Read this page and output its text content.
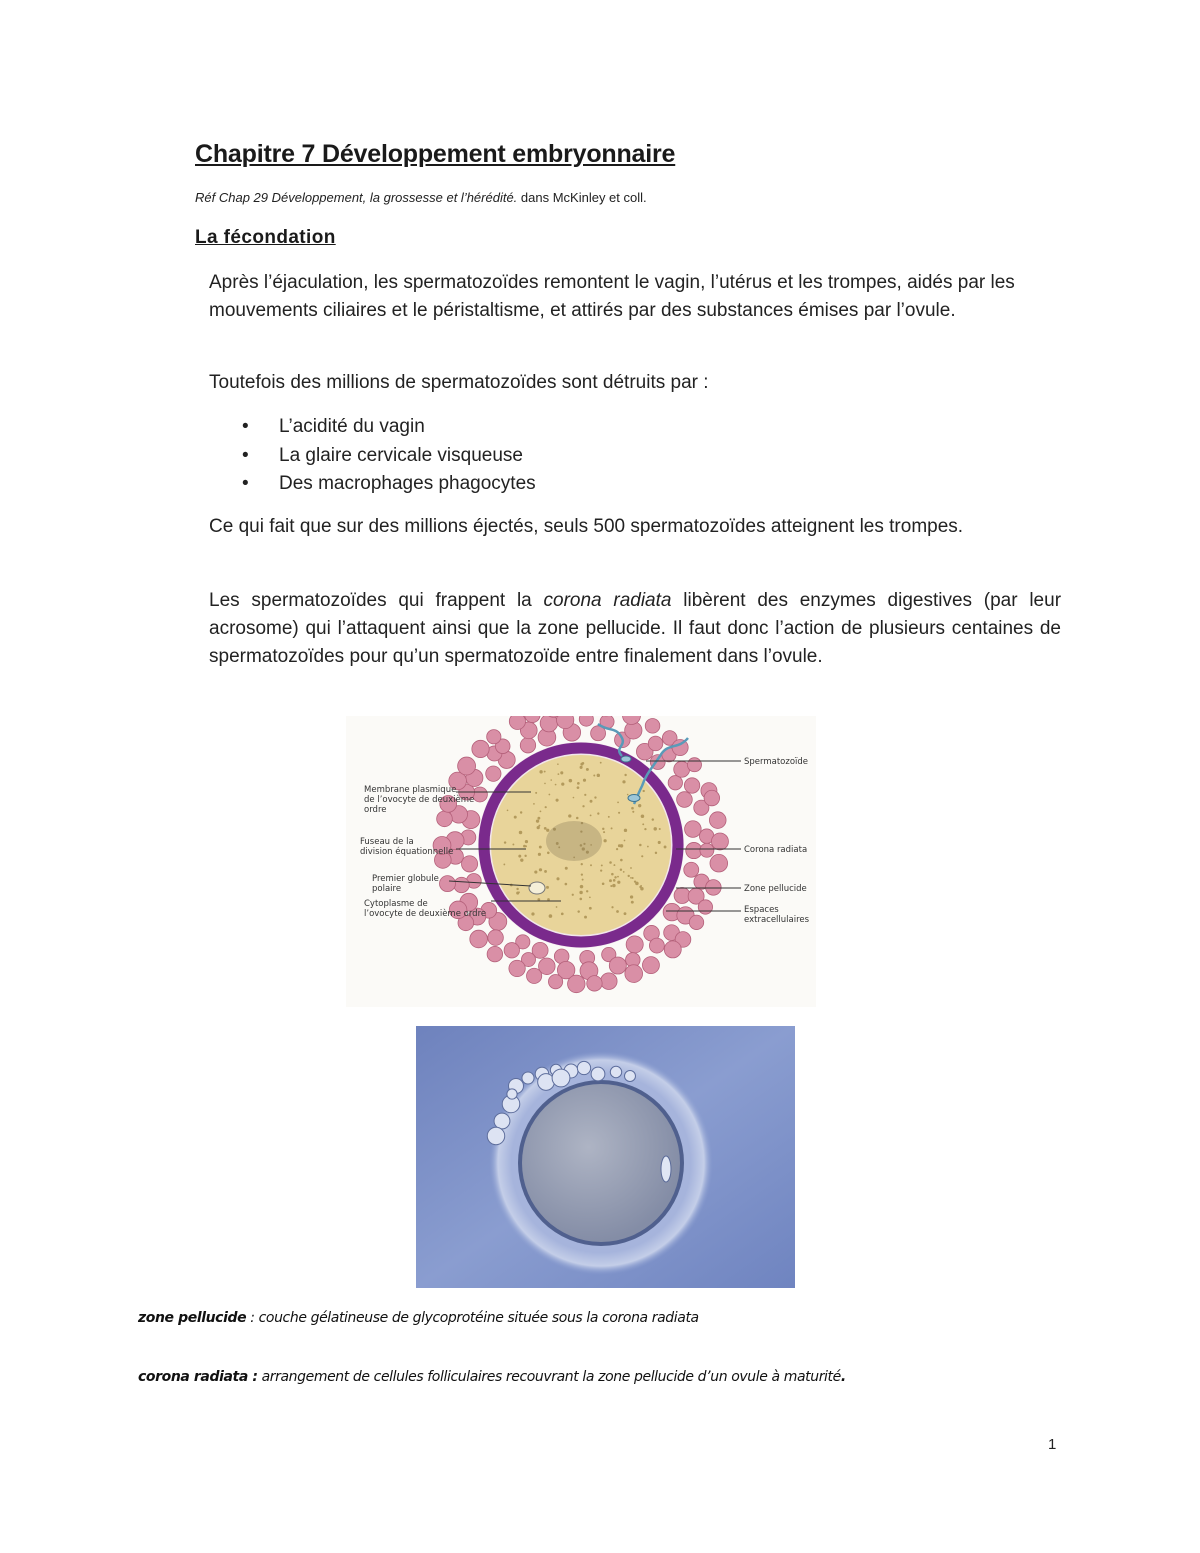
Chapitre 7 Développement embryonnaire
Réf Chap 29 Développement, la grossesse et l’hérédité. dans McKinley et coll.
La fécondation
Après l’éjaculation, les spermatozoïdes remontent le vagin, l’utérus et les trompes, aidés par les mouvements ciliaires et le péristaltisme, et attirés par des substances émises par l’ovule.
Toutefois des millions de spermatozoïdes sont détruits par :
• L’acidité du vagin
• La glaire cervicale visqueuse
• Des macrophages phagocytes
Ce qui fait que sur des millions éjectés, seuls 500 spermatozoïdes atteignent les trompes.
Les spermatozoïdes qui frappent la corona radiata libèrent des enzymes digestives (par leur acrosome) qui l’attaquent ainsi que la zone pellucide. Il faut donc l’action de plusieurs centaines de spermatozoïdes pour qu’un spermatozoïde entre finalement dans l’ovule.
Membrane plasmique
de l’ovocyte de deuxième
ordre
Fuseau de la
division équationnelle
Premier globule
polaire
Cytoplasme de
l’ovocyte de deuxième ordre
Spermatozoïde
Corona radiata
Zone pellucide
Espaces
extracellulaires
zone pellucide : couche gélatineuse de glycoprotéine située sous la corona radiata
corona radiata : arrangement de cellules folliculaires recouvrant la zone pellucide d’un ovule à maturité.
1
